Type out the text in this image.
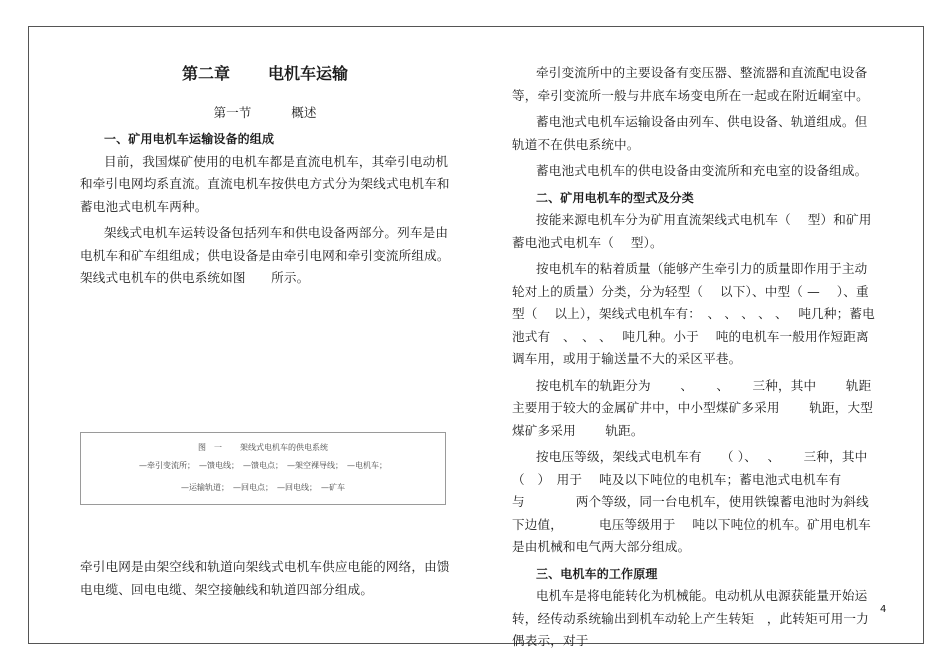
第二章 电机车运输
第一节	概述
一、矿用电机车运输设备的组成

目前，我国煤矿使用的电机车都是直流电机车，其牵引电动机和牵引电网均系直流。直流电机车按供电方式分为架线式电机车和蓄电池式电机车两种。

架线式电机车运转设备包括列车和供电设备两部分。列车是由电机车和矿车组组成；供电设备是由牵引电网和牵引变流所组成。架线式电机车的供电系统如图　　所示。

图　一 架线式电机车的供电系统
—牵引变流所；　—馈电线；　—馈电点；　—架空裸导线；　—电机车；
—运输轨道；　—回电点；　—回电线；　—矿车

牵引电网是由架空线和轨道向架线式电机车供应电能的网络，由馈电电缆、回电电缆、架空接触线和轨道四部分组成。

牵引变流所中的主要设备有变压器、整流器和直流配电设备等，牵引变流所一般与井底车场变电所在一起或在附近峒室中。

蓄电池式电机车运输设备由列车、供电设备、轨道组成。但轨道不在供电系统中。

蓄电池式电机车的供电设备由变流所和充电室的设备组成。

二、矿用电机车的型式及分类

按能来源电机车分为矿用直流架线式电机车（　 型）和矿用蓄电池式电机车（　 型）。

按电机车的粘着质量（能够产生牵引力的质量即作用于主动轮对上的质量）分类，分为轻型（　 以下）、中型（ — 　）、重型（　 以上），架线式电机车有：　、 、 、 、 、　 吨几种；蓄电池式有　、　、 、　 吨几种。小于　 吨的电机车一般用作短距离调车用，或用于输送量不大的采区平巷。

按电机车的轨距分为　　 、　　 、　　 三种，其中　　 轨距主要用于较大的金属矿井中，中小型煤矿多采用　　 轨距，大型煤矿多采用　　 轨距。

按电压等级，架线式电机车有　　（ ）、　 、　　 三种，其中（　）　用于　 吨及以下吨位的电机车；蓄电池式电机车有　　　　与　　　　两个等级，同一台电机车，使用铁镍蓄电池时为斜线下边值，　　　 电压等级用于　 吨以下吨位的机车。矿用电机车是由机械和电气两大部分组成。

三、电机车的工作原理

电机车是将电能转化为机械能。电动机从电源获能量开始运转，经传动系统输出到机车动轮上产生转矩　，此转矩可用一力偶表示，对于

4
